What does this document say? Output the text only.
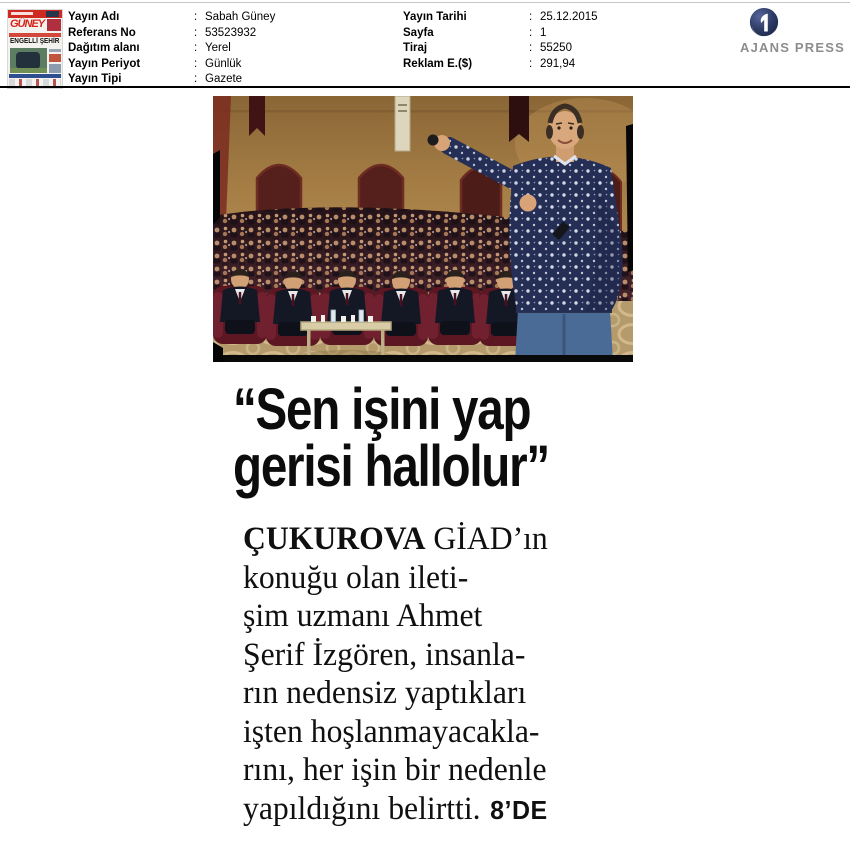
GÜNEY
ENGELLİ ŞEHİR
Yayın Adı	: Sabah Güney
Referans No	: 53523932
Dağıtım alanı	: Yerel
Yayın Periyot	: Günlük
Yayın Tipi	: Gazete
Yayın Tarihi	: 25.12.2015
Sayfa	: 1
Tiraj	: 55250
Reklam E.($)	: 291,94
AJANS PRESS
“Sen işini yap
gerisi hallolur”
ÇUKUROVA GİAD’ın
konuğu olan ileti-
şim uzmanı Ahmet
Şerif İzgören, insanla-
rın nedensiz yaptıkları
işten hoşlanmayacakla-
rını, her işin bir nedenle
yapıldığını belirtti. 8’DE
